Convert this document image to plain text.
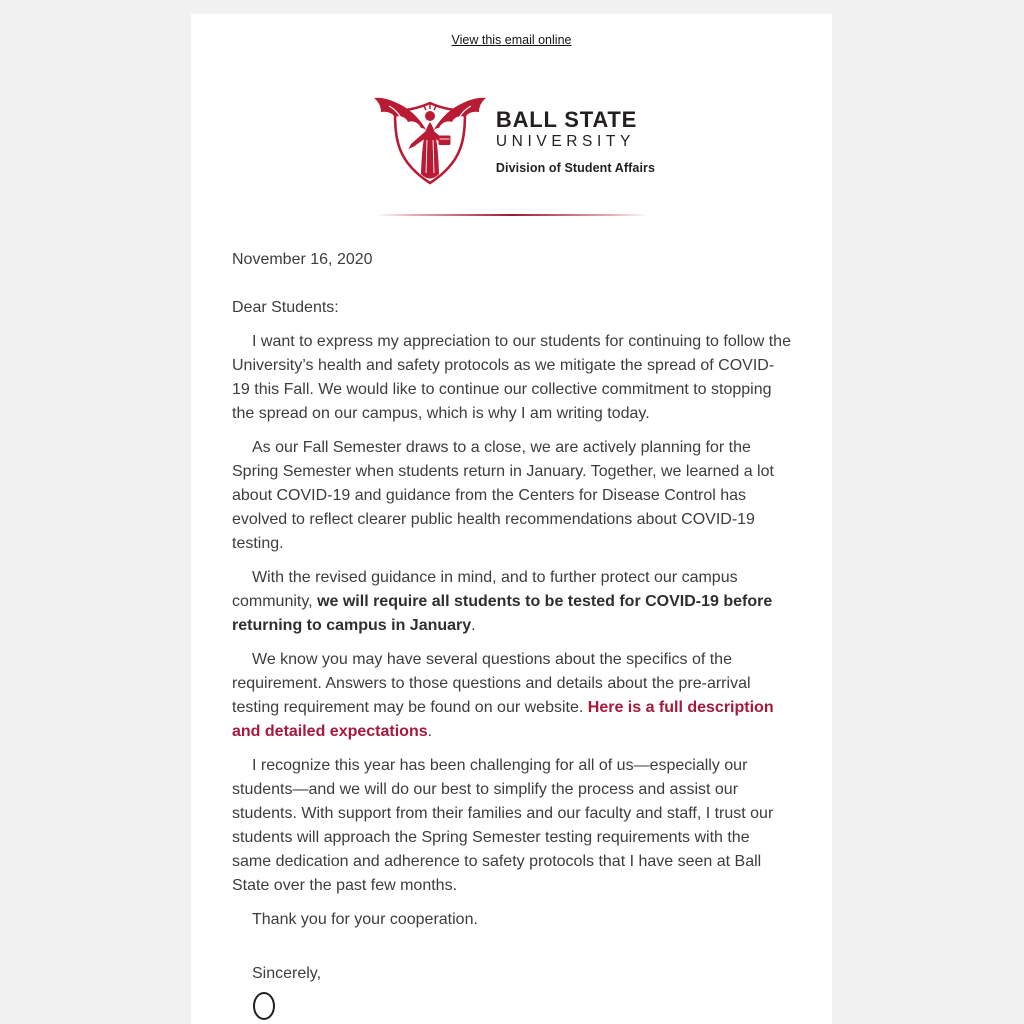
View this email online
BALL STATE
UNIVERSITY
Division of Student Affairs
November 16, 2020
Dear Students:

I want to express my appreciation to our students for continuing to follow the University’s health and safety protocols as we mitigate the spread of COVID-19 this Fall. We would like to continue our collective commitment to stopping the spread on our campus, which is why I am writing today.

As our Fall Semester draws to a close, we are actively planning for the Spring Semester when students return in January. Together, we learned a lot about COVID-19 and guidance from the Centers for Disease Control has evolved to reflect clearer public health recommendations about COVID-19 testing.

With the revised guidance in mind, and to further protect our campus community, we will require all students to be tested for COVID-19 before returning to campus in January.

We know you may have several questions about the specifics of the requirement. Answers to those questions and details about the pre-arrival testing requirement may be found on our website. Here is a full description and detailed expectations.

I recognize this year has been challenging for all of us—especially our students—and we will do our best to simplify the process and assist our students. With support from their families and our faculty and staff, I trust our students will approach the Spring Semester testing requirements with the same dedication and adherence to safety protocols that I have seen at Ball State over the past few months.

Thank you for your cooperation.

Sincerely,
